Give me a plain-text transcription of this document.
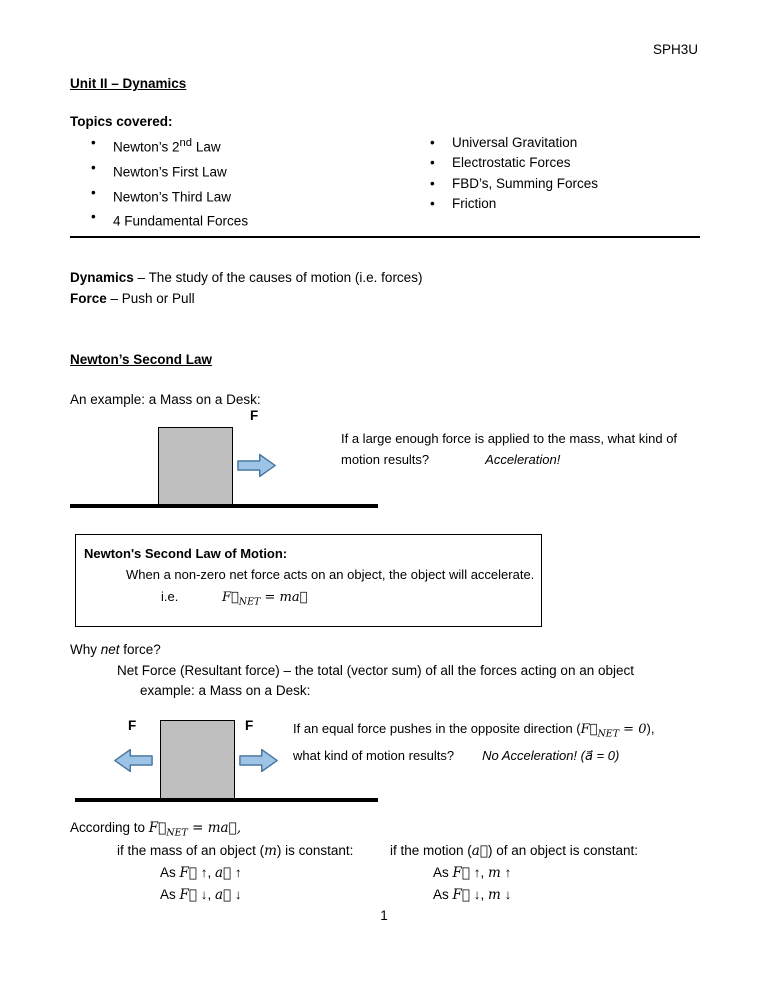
SPH3U
Unit II – Dynamics
Topics covered:
• Newton’s 2nd Law
• Newton’s First Law
• Newton’s Third Law
• 4 Fundamental Forces
• Universal Gravitation
• Electrostatic Forces
• FBD’s, Summing Forces
• Friction
Dynamics – The study of the causes of motion (i.e. forces)
Force – Push or Pull
Newton’s Second Law
An example: a Mass on a Desk:
F
If a large enough force is applied to the mass, what kind of
motion results?	Acceleration!
Newton's Second Law of Motion:
When a non-zero net force acts on an object, the object will accelerate.
i.e.	$F⃗_{NET}$ = ma⃗
Why net force?
Net Force (Resultant force) – the total (vector sum) of all the forces acting on an object
example: a Mass on a Desk:
F	F	If an equal force pushes in the opposite direction $(F⃗_{NET} = 0)$,
what kind of motion results? No Acceleration! (a⃗ = 0)
According to $F⃗_{NET}$ = ma⃗,
if the mass of an object (m) is constant:
As F⃗ ↑, a⃗ ↑
As F⃗ ↓, a⃗ ↓
if the motion (a⃗) of an object is constant:
As F⃗ ↑, m ↑
As F⃗ ↓, m ↓
1
